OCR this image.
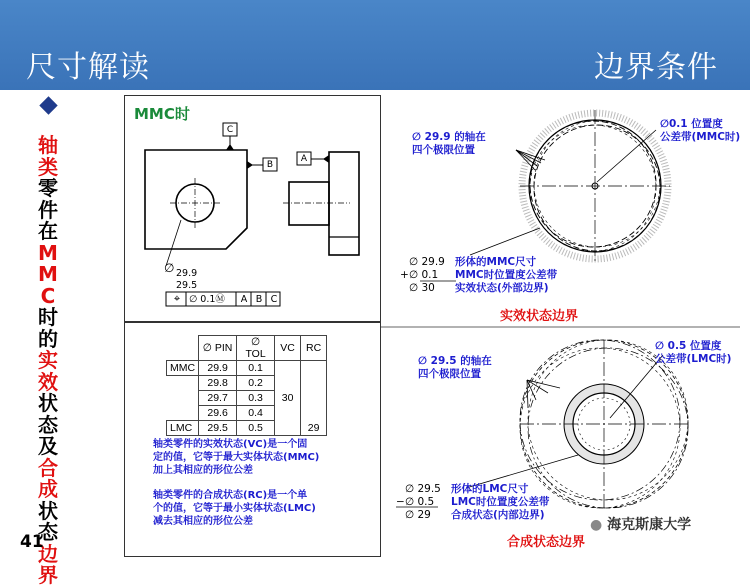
尺寸解读	边界条件
轴
类
零
件
在
M
M
C
时
的
实
效
状
态
及
合
成
状
态
边
界
41
MMC时
C
B
A
∅ 29.9
29.5
⌖ ∅ 0.1Ⓜ A B C
	∅ PIN	∅ TOL	VC	RC
MMC	29.9	0.1	30	
	29.8	0.2		
	29.7	0.3		
	29.6	0.4		
LMC	29.5	0.5		29
轴类零件的实效状态(VC)是一个固
定的值，它等于最大实体状态(MMC)
加上其相应的形位公差
轴类零件的合成状态(RC)是一个单
个的值，它等于最小实体状态(LMC)
减去其相应的形位公差
∅ 29.9 的轴在
四个极限位置
∅0.1 位置度
公差带(MMC时)
∅ 29.9 形体的MMC尺寸
+ ∅ 0.1	MMC时位置度公差带
∅ 30	实效状态(外部边界)
实效状态边界
∅ 29.5 的轴在
四个极限位置
∅ 0.5 位置度
公差带(LMC时)
∅ 29.5 形体的LMC尺寸
− ∅ 0.5	LMC时位置度公差带
∅ 29	合成状态(内部边界)
合成状态边界
● 海克斯康大学
